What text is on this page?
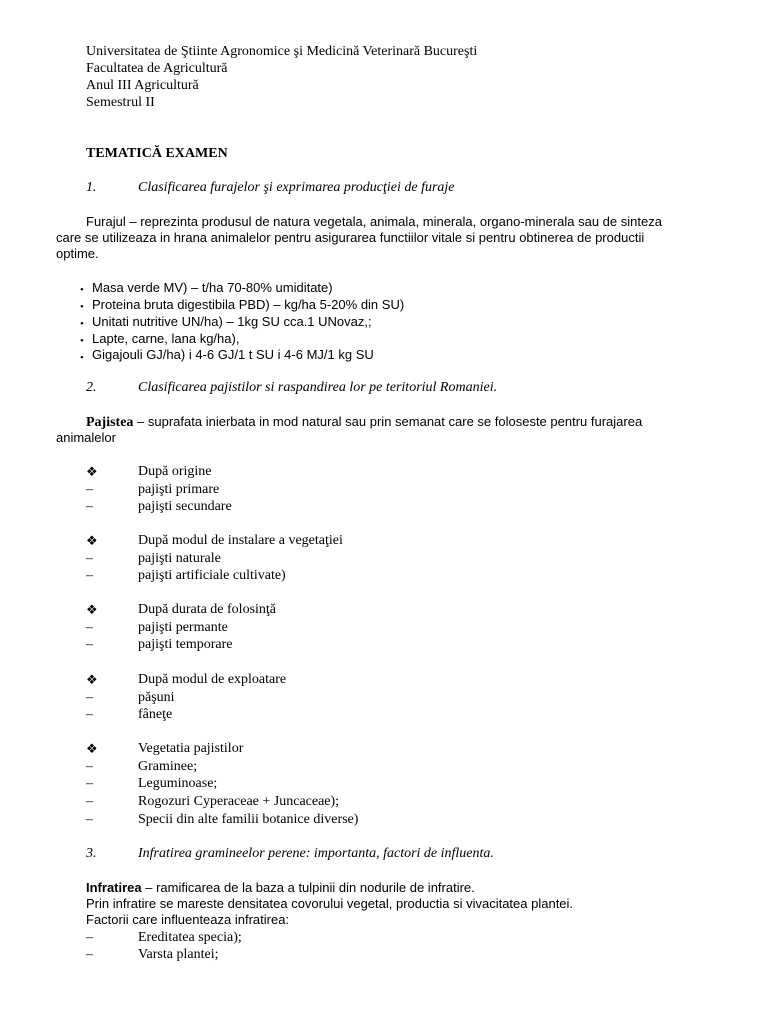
Universitatea de Ştiinte Agronomice şi Medicină Veterinară Bucureşti
Facultatea de Agricultură
Anul III Agricultură
Semestrul II
TEMATICĂ EXAMEN
1.	Clasificarea furajelor şi exprimarea producţiei de furaje
Furajul – reprezinta produsul de natura vegetala, animala, minerala, organo-minerala sau de sinteza
care se utilizeaza in hrana animalelor pentru asigurarea functiilor vitale si pentru obtinerea de productii
optime.
• Masa verde MV) – t/ha 70-80% umiditate)
• Proteina bruta digestibila PBD) – kg/ha 5-20% din SU)
• Unitati nutritive UN/ha) – 1kg SU cca.1 UNovaz,;
• Lapte, carne, lana kg/ha),
• Gigajouli GJ/ha) i 4-6 GJ/1 t SU i 4-6 MJ/1 kg SU
2.	Clasificarea pajistilor si raspandirea lor pe teritoriul Romaniei.
Pajistea – suprafata inierbata in mod natural sau prin semanat care se foloseste pentru furajarea
animalelor
❖	După origine
–	pajişti primare
–	pajişti secundare
❖	După modul de instalare a vegetaţiei
–	pajişti naturale
–	pajişti artificiale cultivate)
❖	După durata de folosinţă
–	pajişti permante
–	pajişti temporare
❖	După modul de exploatare
–	păşuni
–	fâneţe
❖	Vegetatia pajistilor
–	Graminee;
–	Leguminoase;
–	Rogozuri Cyperaceae + Juncaceae);
–	Specii din alte familii botanice diverse)
3.	Infratirea gramineelor perene: importanta, factori de influenta.
Infratirea – ramificarea de la baza a tulpinii din nodurile de infratire.
Prin infratire se mareste densitatea covorului vegetal, productia si vivacitatea plantei.
Factorii care influenteaza infratirea:
–	Ereditatea specia);
–	Varsta plantei;
